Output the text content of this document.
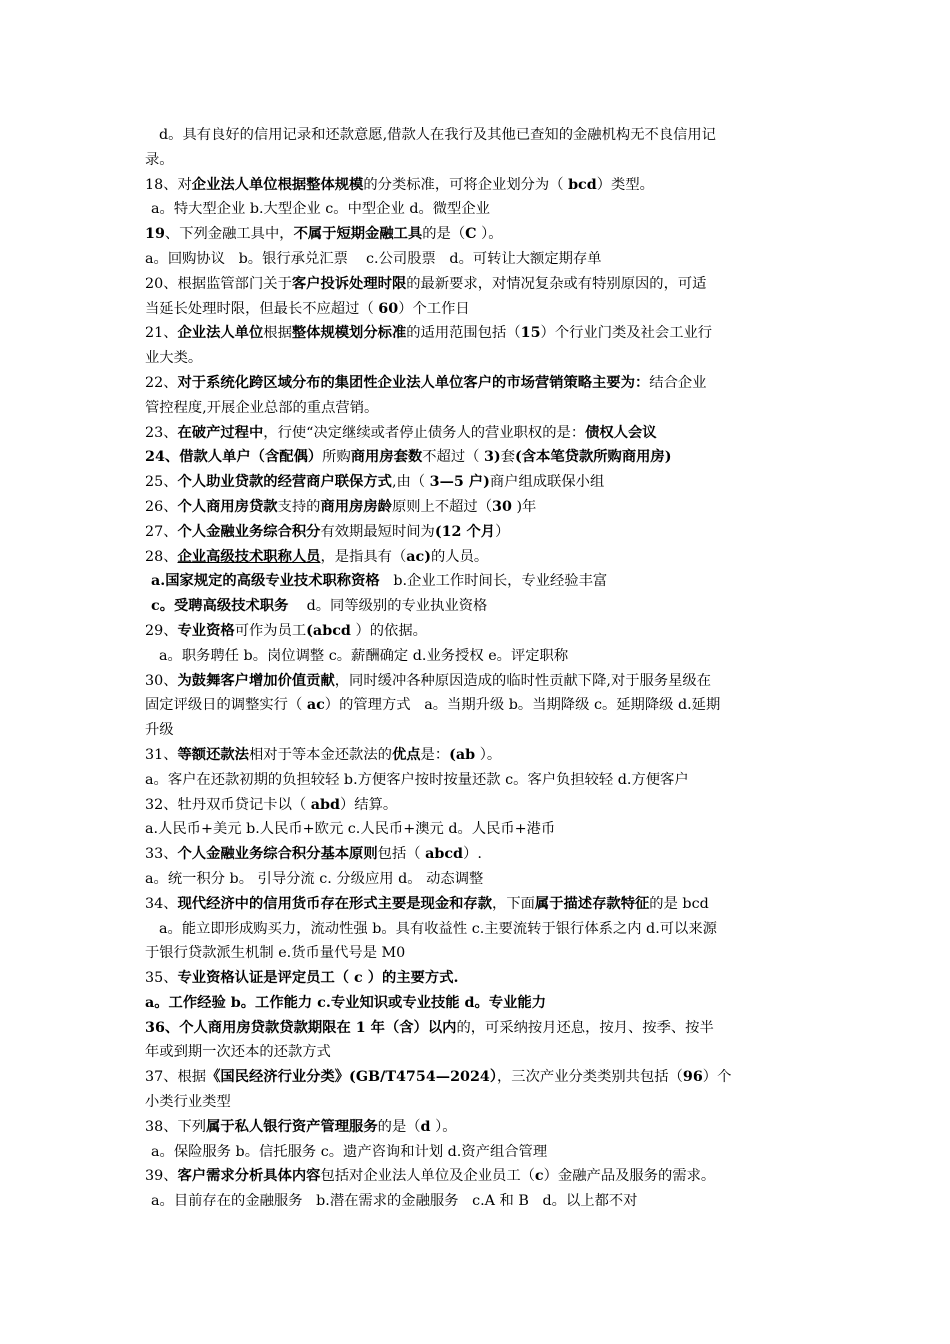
d。具有良好的信用记录和还款意愿,借款人在我行及其他已查知的金融机构无不良信用记
录。
18、对企业法人单位根据整体规模的分类标准，可将企业划分为（ bcd）类型。
a。特大型企业 b.大型企业 c。中型企业 d。微型企业
19、下列金融工具中，不属于短期金融工具的是（C ）。
a。回购协议   b。银行承兑汇票    c.公司股票   d。可转让大额定期存单
20、根据监管部门关于客户投诉处理时限的最新要求，对情况复杂或有特别原因的，可适
当延长处理时限，但最长不应超过（ 60）个工作日
21、企业法人单位根据整体规模划分标准的适用范围包括（15）个行业门类及社会工业行
业大类。
22、对于系统化跨区域分布的集团性企业法人单位客户的市场营销策略主要为：结合企业
管控程度,开展企业总部的重点营销。
23、在破产过程中，行使“决定继续或者停止债务人的营业职权的是：债权人会议
24、借款人单户（含配偶）所购商用房套数不超过（ 3)套(含本笔贷款所购商用房)
25、个人助业贷款的经营商户联保方式,由（ 3—5 户)商户组成联保小组
26、个人商用房贷款支持的商用房房龄原则上不超过（30 )年
27、个人金融业务综合积分有效期最短时间为(12 个月）
28、企业高级技术职称人员，是指具有（ac)的人员。
a.国家规定的高级专业技术职称资格   b.企业工作时间长，专业经验丰富
c。受聘高级技术职务    d。同等级别的专业执业资格
29、专业资格可作为员工(abcd ）的依据。
a。职务聘任 b。岗位调整 c。薪酬确定 d.业务授权 e。评定职称
30、为鼓舞客户增加价值贡献，同时缓冲各种原因造成的临时性贡献下降,对于服务星级在
固定评级日的调整实行（ ac）的管理方式   a。当期升级 b。当期降级 c。延期降级 d.延期
升级
31、等额还款法相对于等本金还款法的优点是：(ab ）。
a。客户在还款初期的负担较轻 b.方便客户按时按量还款 c。客户负担较轻 d.方便客户
32、牡丹双币贷记卡以（ abd）结算。
a.人民币+美元 b.人民币+欧元 c.人民币+澳元 d。人民币+港币
33、个人金融业务综合积分基本原则包括（ abcd）.
a。统一积分 b。 引导分流 c. 分级应用 d。 动态调整
34、现代经济中的信用货币存在形式主要是现金和存款，下面属于描述存款特征的是 bcd
a。能立即形成购买力，流动性强 b。具有收益性 c.主要流转于银行体系之内 d.可以来源
于银行贷款派生机制 e.货币量代号是 M0
35、专业资格认证是评定员工（ c ）的主要方式.
a。工作经验 b。工作能力 c.专业知识或专业技能 d。专业能力
36、个人商用房贷款贷款期限在 1 年（含）以内的，可采纳按月还息，按月、按季、按半
年或到期一次还本的还款方式
37、根据《国民经济行业分类》(GB/T4754—2024），三次产业分类类别共包括（96）个
小类行业类型
38、下列属于私人银行资产管理服务的是（d ）。
a。保险服务 b。信托服务 c。遗产咨询和计划 d.资产组合管理
39、客户需求分析具体内容包括对企业法人单位及企业员工（c）金融产品及服务的需求。
a。目前存在的金融服务   b.潜在需求的金融服务   c.A 和 B   d。以上都不对
